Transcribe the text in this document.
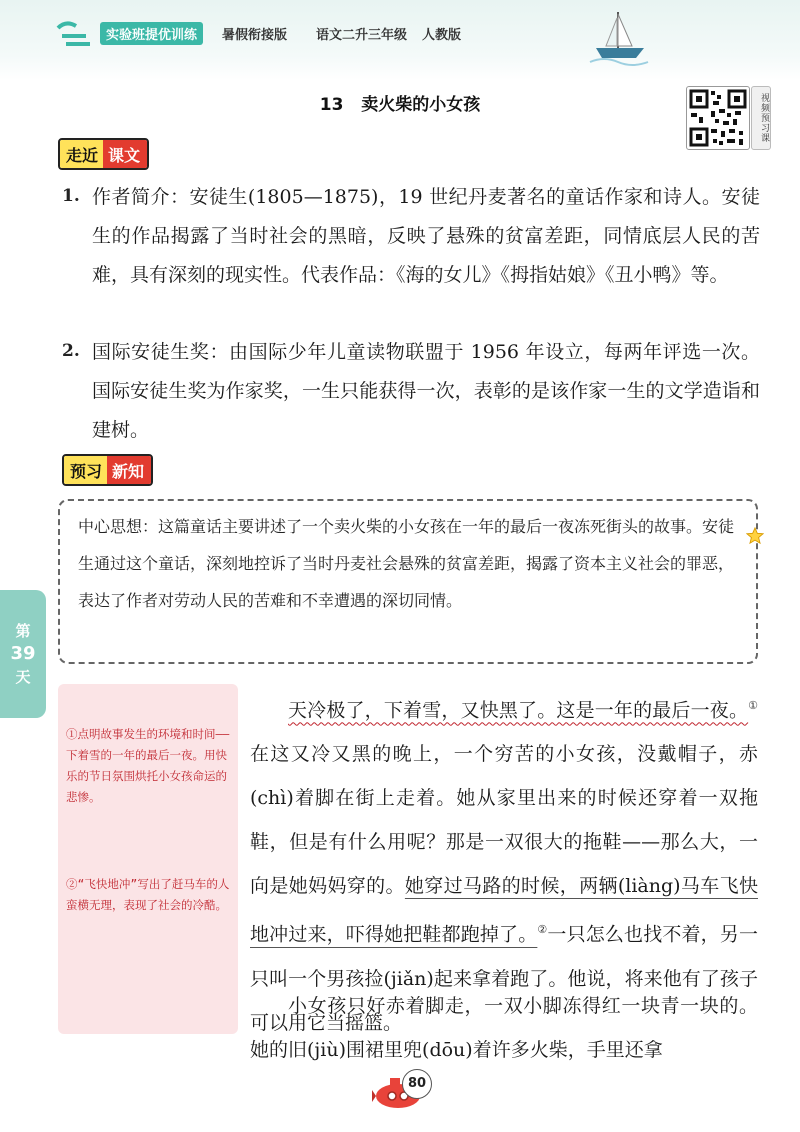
实验班提优训练	暑假衔接版 语文二升三年级 人教版
13 卖火柴的小女孩	视频预习课
走近 课文
1. 作者简介：安徒生(1805—1875)，19 世纪丹麦著名的童话作家和诗人。安徒生的作品揭露了当时社会的黑暗，反映了悬殊的贫富差距，同情底层人民的苦难，具有深刻的现实性。代表作品：《海的女儿》《拇指姑娘》《丑小鸭》等。
2. 国际安徒生奖：由国际少年儿童读物联盟于 1956 年设立，每两年评选一次。国际安徒生奖为作家奖，一生只能获得一次，表彰的是该作家一生的文学造诣和建树。
预习 新知
中心思想：这篇童话主要讲述了一个卖火柴的小女孩在一年的最后一夜冻死街头的故事。安徒生通过这个童话，深刻地控诉了当时丹麦社会悬殊的贫富差距，揭露了资本主义社会的罪恶，表达了作者对劳动人民的苦难和不幸遭遇的深切同情。
第
39
天
①点明故事发生的环境和时间——下着雪的一年的最后一夜。用快乐的节日氛围烘托小女孩命运的悲惨。
②“飞快地冲”写出了赶马车的人蛮横无理，表现了社会的冷酷。
天冷极了，下着雪，又快黑了。这是一年的最后一夜。①在这又冷又黑的晚上，一个穷苦的小女孩，没戴帽子，赤(chì)着脚在街上走着。她从家里出来的时候还穿着一双拖鞋，但是有什么用呢？那是一双很大的拖鞋——那么大，一向是她妈妈穿的。她穿过马路的时候，两辆(liàng)马车飞快地冲过来，吓得她把鞋都跑掉了。②一只怎么也找不着，另一只叫一个男孩捡(jiǎn)起来拿着跑了。他说，将来他有了孩子可以用它当摇篮。
小女孩只好赤着脚走，一双小脚冻得红一块青一块的。她的旧(jiù)围裙里兜(dōu)着许多火柴，手里还拿
80
